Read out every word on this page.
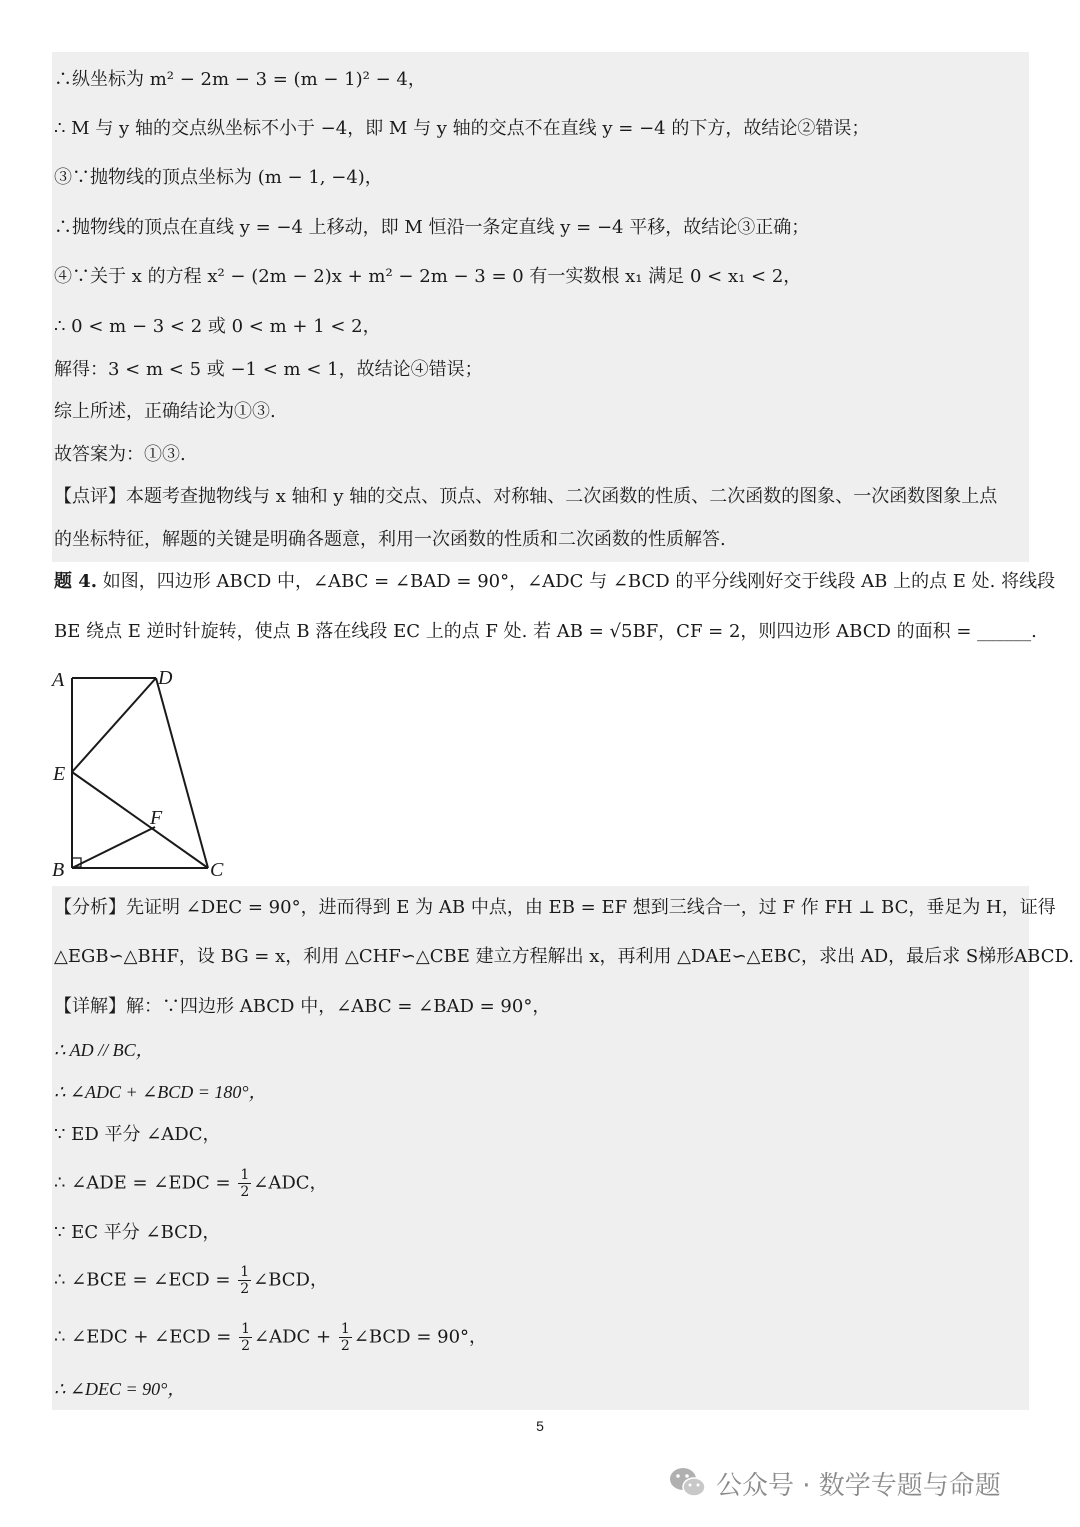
∴纵坐标为 m² − 2m − 3 = (m − 1)² − 4，
∴ M 与 y 轴的交点纵坐标不小于 −4，即 M 与 y 轴的交点不在直线 y = −4 的下方，故结论②错误；
③∵抛物线的顶点坐标为 (m − 1, −4)，
∴抛物线的顶点在直线 y = −4 上移动，即 M 恒沿一条定直线 y = −4 平移，故结论③正确；
④∵关于 x 的方程 x² − (2m − 2)x + m² − 2m − 3 = 0 有一实数根 x₁ 满足 0 < x₁ < 2，
∴ 0 < m − 3 < 2 或 0 < m + 1 < 2，
解得：3 < m < 5 或 −1 < m < 1，故结论④错误；
综上所述，正确结论为①③.
故答案为：①③.
【点评】本题考查抛物线与 x 轴和 y 轴的交点、顶点、对称轴、二次函数的性质、二次函数的图象、一次函数图象上点
的坐标特征，解题的关键是明确各题意，利用一次函数的性质和二次函数的性质解答.
题 4. 如图，四边形 ABCD 中，∠ABC = ∠BAD = 90°，∠ADC 与 ∠BCD 的平分线刚好交于线段 AB 上的点 E 处. 将线段
BE 绕点 E 逆时针旋转，使点 B 落在线段 EC 上的点 F 处. 若 AB = √5BF，CF = 2，则四边形 ABCD 的面积 = ______.
A	D
E
F
B	C
【分析】先证明 ∠DEC = 90°，进而得到 E 为 AB 中点，由 EB = EF 想到三线合一，过 F 作 FH ⊥ BC，垂足为 H，证得
△EGB∽△BHF，设 BG = x，利用 △CHF∽△CBE 建立方程解出 x，再利用 △DAE∽△EBC，求出 AD，最后求 S梯形ABCD.
【详解】解：∵四边形 ABCD 中，∠ABC = ∠BAD = 90°，
∴ AD // BC，
∴ ∠ADC + ∠BCD = 180°，
∵ ED 平分 ∠ADC，
∴ ∠ADE = ∠EDC = $\frac{1}{2}$ ∠ADC，
∵ EC 平分 ∠BCD，
∴ ∠BCE = ∠ECD = $\frac{1}{2}$ ∠BCD，
∴ ∠EDC + ∠ECD = $\frac{1}{2}$ ∠ADC + $\frac{1}{2}$ ∠BCD = 90°，
∴ ∠DEC = 90°，
5
公众号 · 数学专题与命题
